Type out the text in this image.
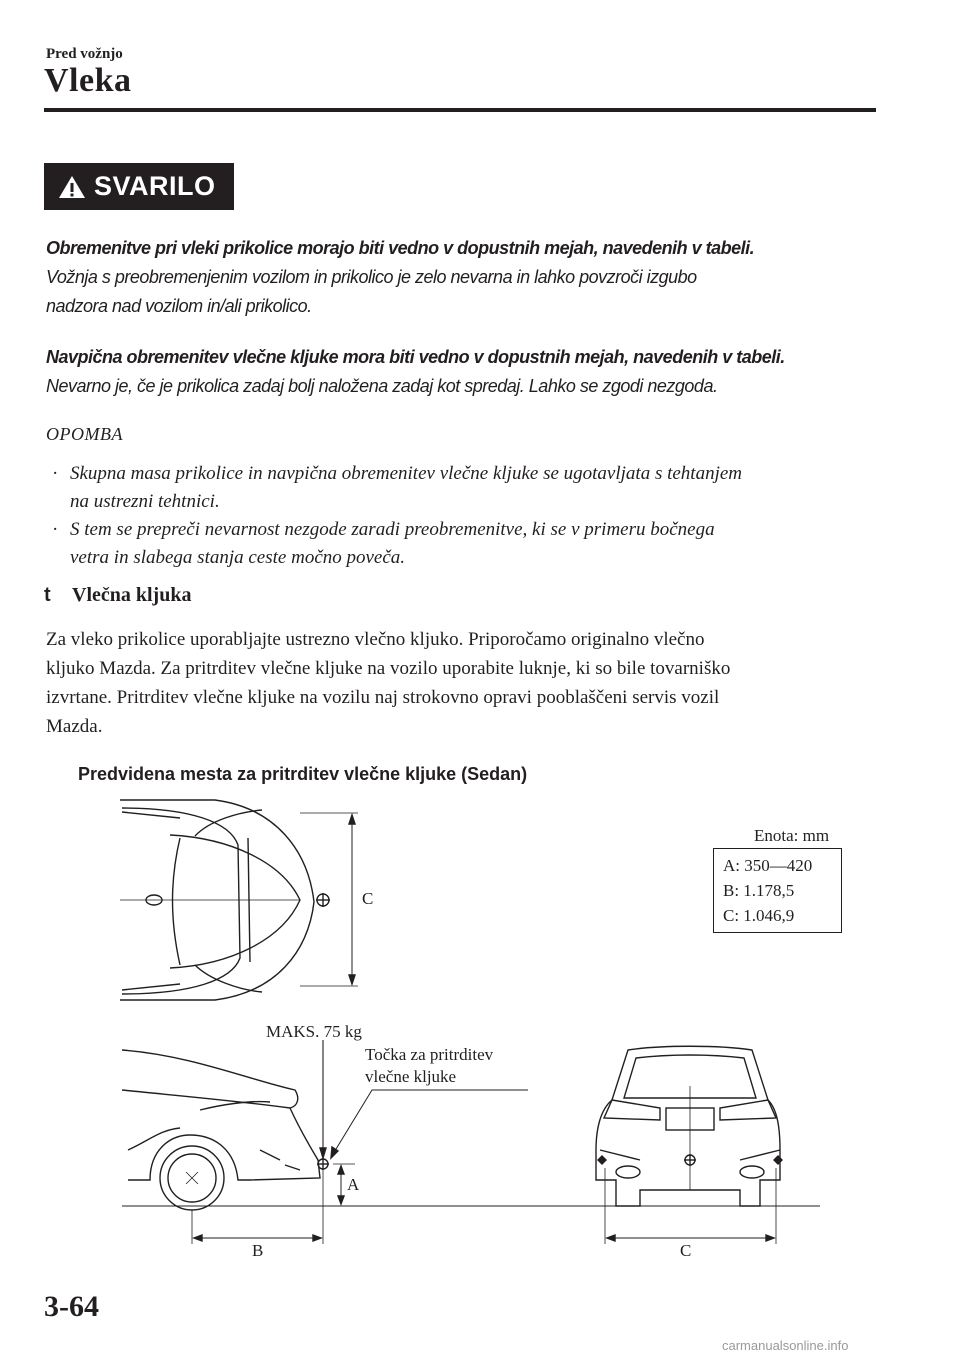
Pred vožnjo
Vleka
SVARILO
Obremenitve pri vleki prikolice morajo biti vedno v dopustnih mejah, navedenih v tabeli.
Vožnja s preobremenjenim vozilom in prikolico je zelo nevarna in lahko povzroči izgubo
nadzora nad vozilom in/ali prikolico.
Navpična obremenitev vlečne kljuke mora biti vedno v dopustnih mejah, navedenih v tabeli.
Nevarno je, če je prikolica zadaj bolj naložena zadaj kot spredaj. Lahko se zgodi nezgoda.
OPOMBA
· Skupna masa prikolice in navpična obremenitev vlečne kljuke se ugotavljata s tehtanjem
na ustrezni tehtnici.
· S tem se prepreči nevarnost nezgode zaradi preobremenitve, ki se v primeru bočnega
vetra in slabega stanja ceste močno poveča.
t Vlečna kljuka
Za vleko prikolice uporabljajte ustrezno vlečno kljuko. Priporočamo originalno vlečno
kljuko Mazda. Za pritrditev vlečne kljuke na vozilo uporabite luknje, ki so bile tovarniško
izvrtane. Pritrditev vlečne kljuke na vozilu naj strokovno opravi pooblaščeni servis vozil
Mazda.
Predvidena mesta za pritrditev vlečne kljuke (Sedan)
Enota: mm
A: 350—420
B: 1.178,5
C: 1.046,9
MAKS. 75 kg
Točka za pritrditev
vlečne kljuke
C
A
B	C
3-64
carmanualsonline.info
